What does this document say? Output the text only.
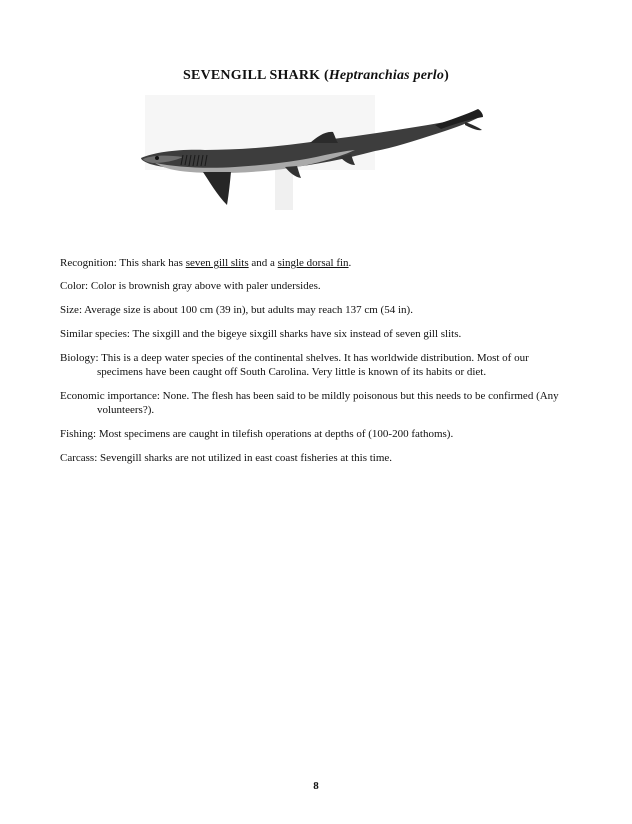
SEVENGILL SHARK (Heptranchias perlo)
Recognition: This shark has seven gill slits and a single dorsal fin.
Color: Color is brownish gray above with paler undersides.
Size: Average size is about 100 cm (39 in), but adults may reach 137 cm (54 in).
Similar species: The sixgill and the bigeye sixgill sharks have six instead of seven gill slits.
Biology: This is a deep water species of the continental shelves. It has worldwide distribution. Most of our
specimens have been caught off South Carolina. Very little is known of its habits or diet.
Economic importance: None. The flesh has been said to be mildly poisonous but this needs to be confirmed (Any
volunteers?).
Fishing: Most specimens are caught in tilefish operations at depths of (100-200 fathoms).
Carcass: Sevengill sharks are not utilized in east coast fisheries at this time.
8
